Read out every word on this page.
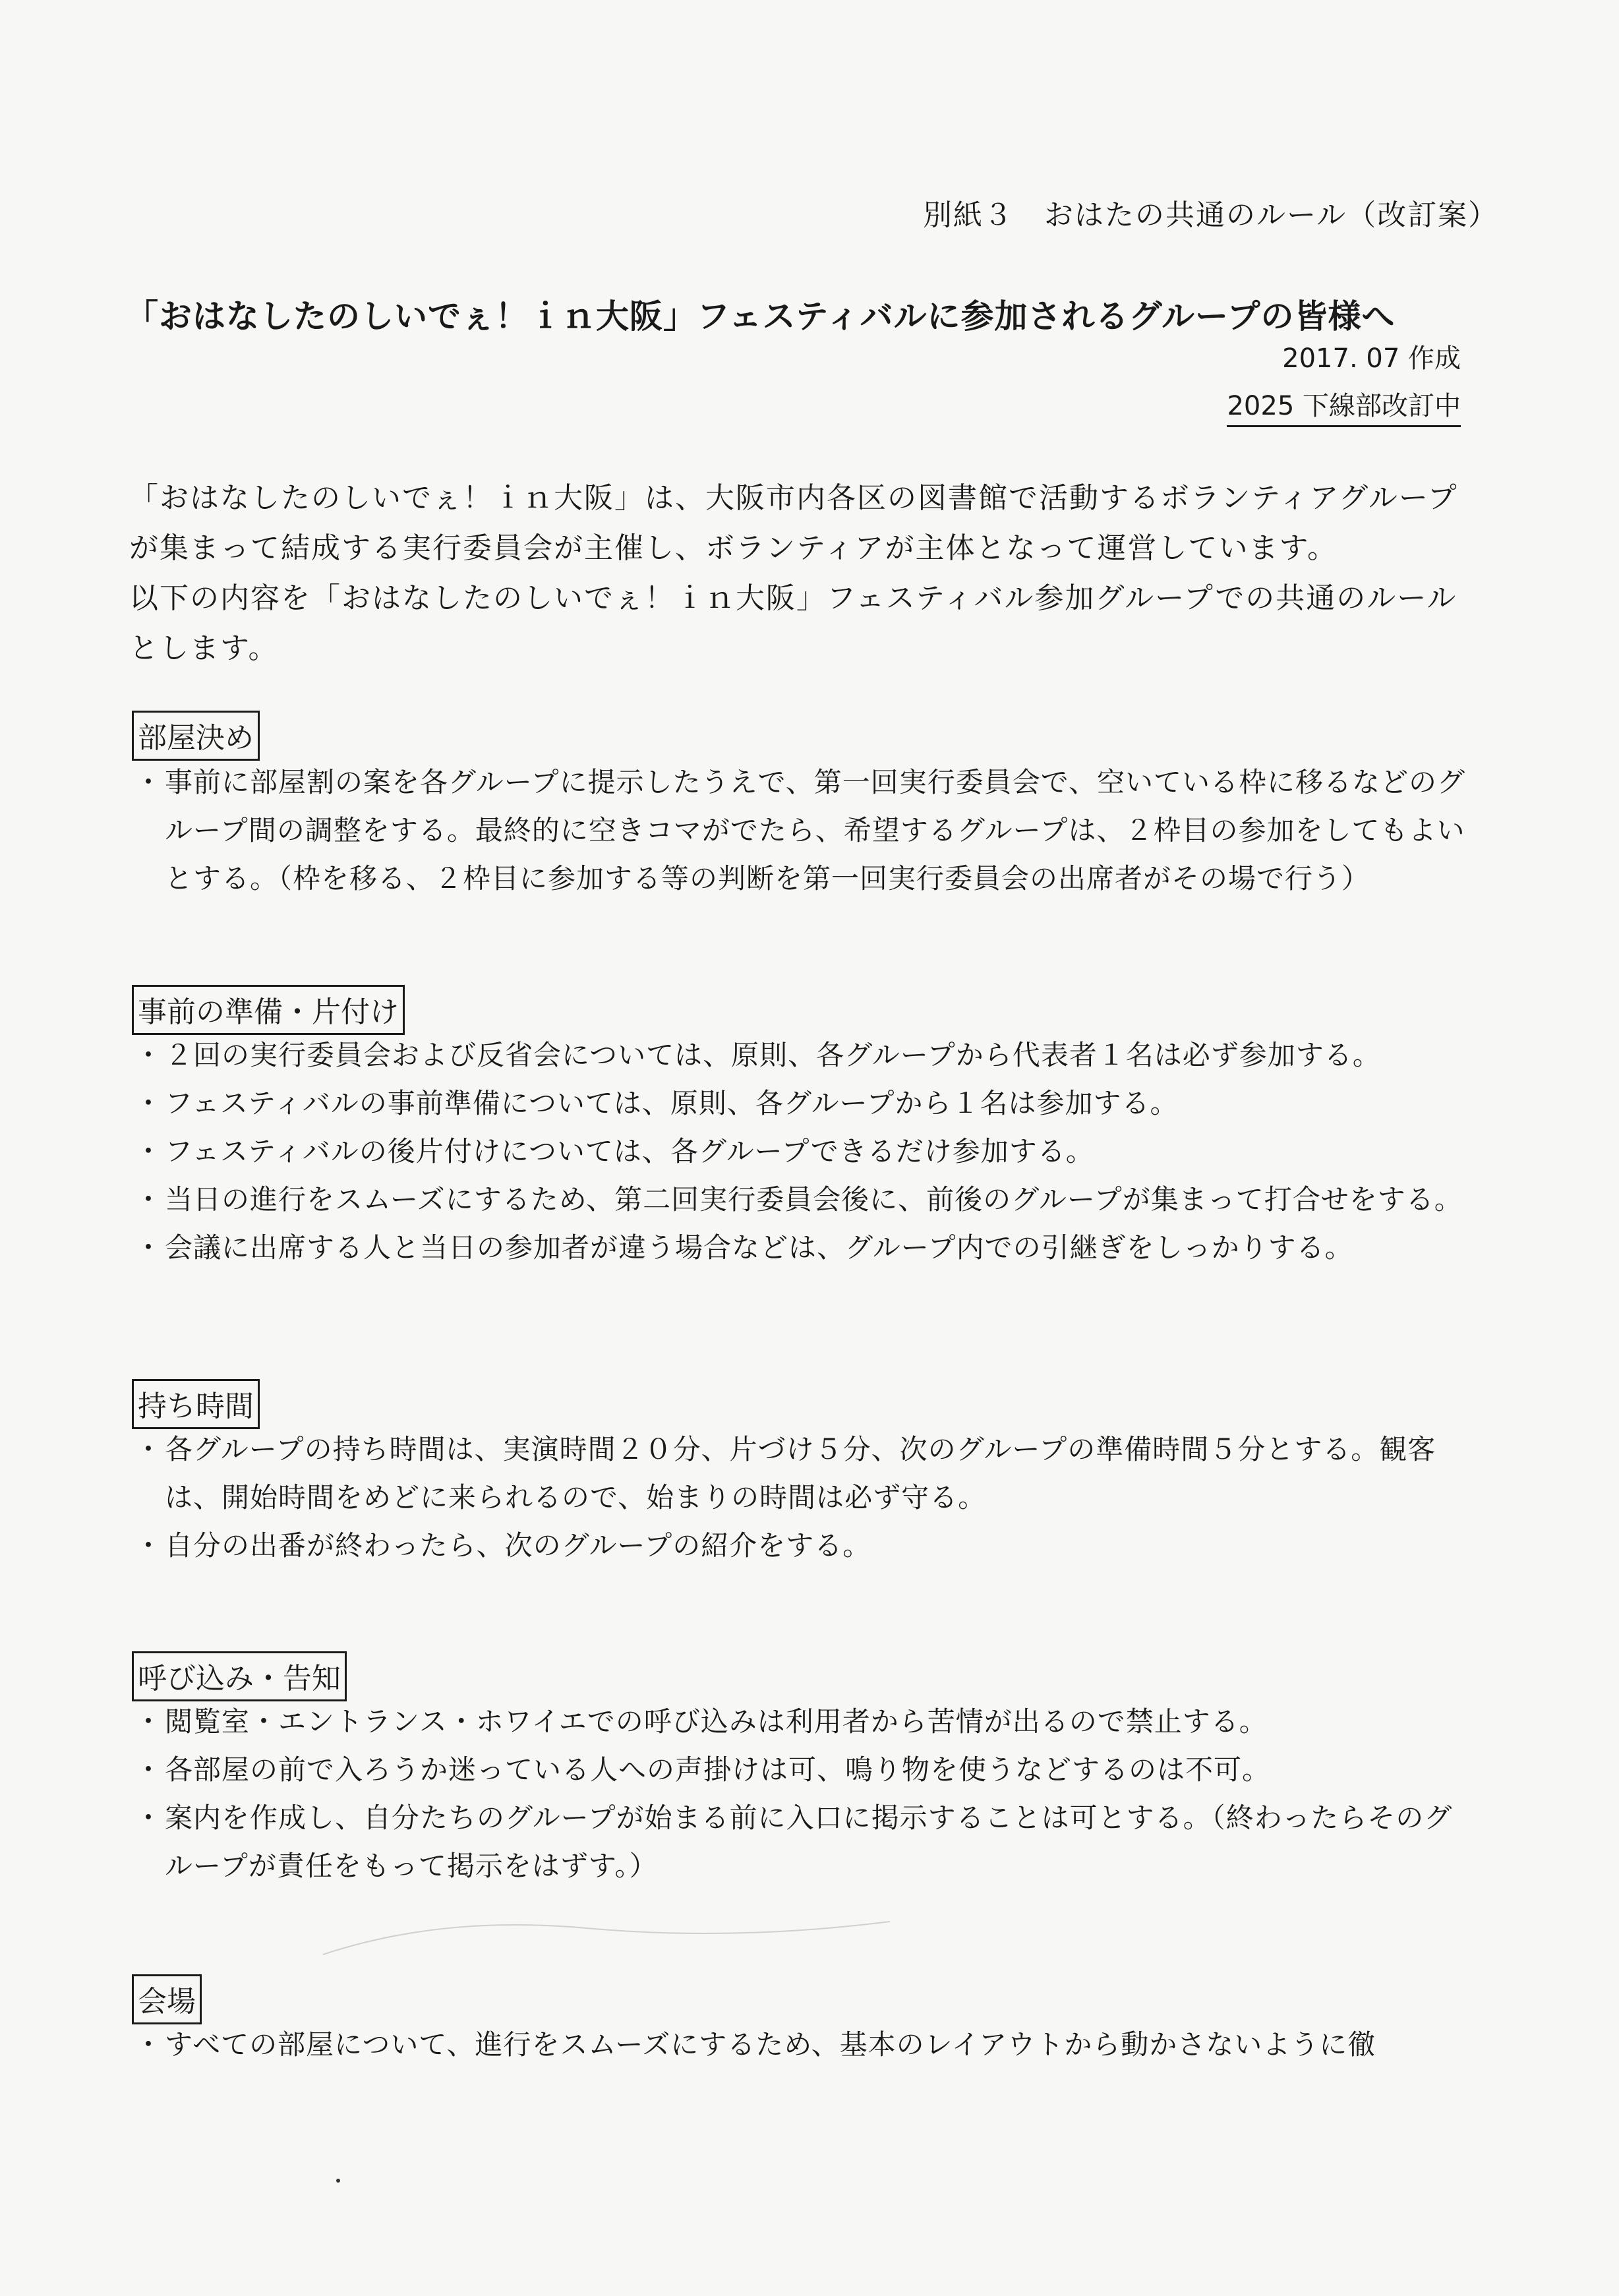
別紙３　おはたの共通のルール（改訂案）
「おはなしたのしいでぇ！ｉｎ大阪」フェスティバルに参加されるグループの皆様へ
2017. 07 作成
2025 下線部改訂中

「おはなしたのしいでぇ！ｉｎ大阪」は、大阪市内各区の図書館で活動するボランティアグループが集まって結成する実行委員会が主催し、ボランティアが主体となって運営しています。

以下の内容を「おはなしたのしいでぇ！ｉｎ大阪」フェスティバル参加グループでの共通のルールとします。

部屋決め
・ 事前に部屋割の案を各グループに提示したうえで、第一回実行委員会で、空いている枠に移るなどのグループ間の調整をする。最終的に空きコマがでたら、希望するグループは、２枠目の参加をしてもよいとする。（枠を移る、２枠目に参加する等の判断を第一回実行委員会の出席者がその場で行う）
事前の準備・片付け
・ ２回の実行委員会および反省会については、原則、各グループから代表者１名は必ず参加する。
・ フェスティバルの事前準備については、原則、各グループから１名は参加する。
・ フェスティバルの後片付けについては、各グループできるだけ参加する。
・ 当日の進行をスムーズにするため、第二回実行委員会後に、前後のグループが集まって打合せをする。
・ 会議に出席する人と当日の参加者が違う場合などは、グループ内での引継ぎをしっかりする。
持ち時間
・ 各グループの持ち時間は、実演時間２０分、片づけ５分、次のグループの準備時間５分とする。観客は、開始時間をめどに来られるので、始まりの時間は必ず守る。
・ 自分の出番が終わったら、次のグループの紹介をする。
呼び込み・告知
・ 閲覧室・エントランス・ホワイエでの呼び込みは利用者から苦情が出るので禁止する。
・ 各部屋の前で入ろうか迷っている人への声掛けは可、鳴り物を使うなどするのは不可。
・ 案内を作成し、自分たちのグループが始まる前に入口に掲示することは可とする。（終わったらそのグループが責任をもって掲示をはずす。）
会場
・ すべての部屋について、進行をスムーズにするため、基本のレイアウトから動かさないように徹
